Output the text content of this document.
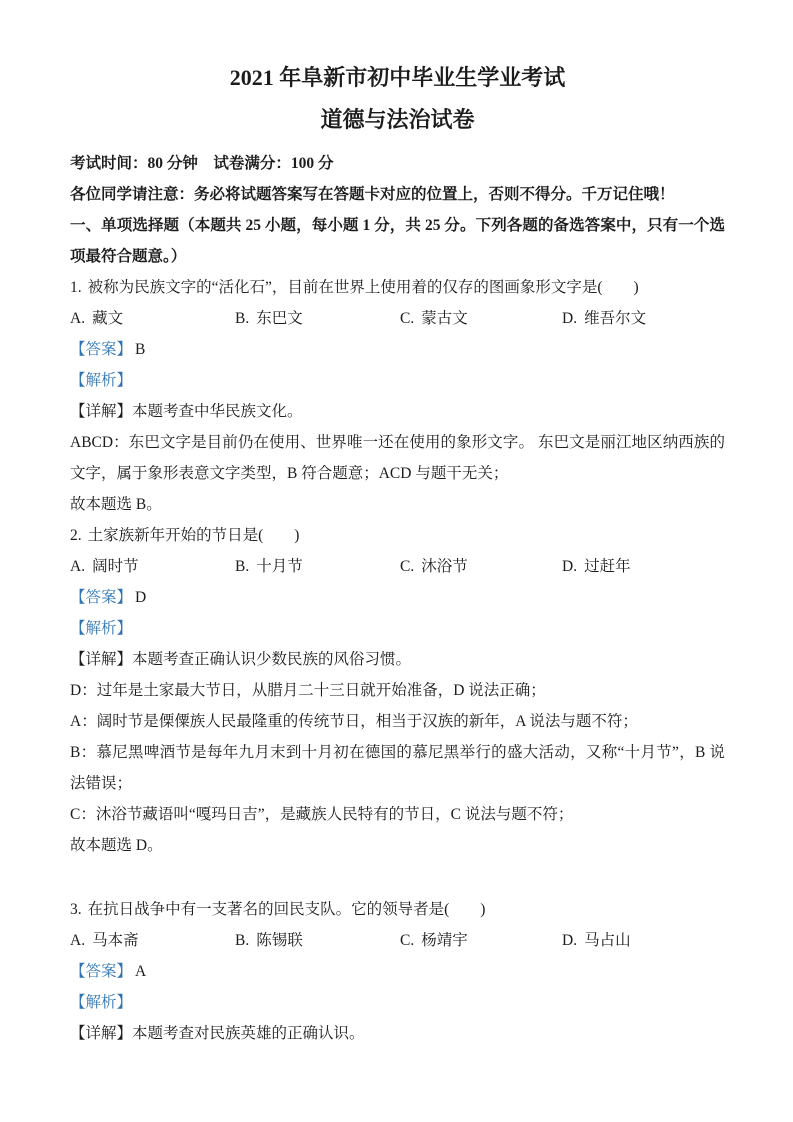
2021 年阜新市初中毕业生学业考试
道德与法治试卷

考试时间：80 分钟　试卷满分：100 分

各位同学请注意：务必将试题答案写在答题卡对应的位置上，否则不得分。千万记住哦！

一、单项选择题（本题共 25 小题，每小题 1 分，共 25 分。下列各题的备选答案中，只有一个选项最符合题意。）

1. 被称为民族文字的“活化石”，目前在世界上使用着的仅存的图画象形文字是(　　)

A. 藏文	B. 东巴文	C. 蒙古文	D. 维吾尔文

【答案】 B

【解析】

【详解】本题考查中华民族文化。

ABCD：东巴文字是目前仍在使用、世界唯一还在使用的象形文字。 东巴文是丽江地区纳西族的文字，属于象形表意文字类型，B 符合题意；ACD 与题干无关；

故本题选 B。

2. 土家族新年开始的节日是(　　)

A. 阔时节	B. 十月节	C. 沐浴节	D. 过赶年

【答案】 D

【解析】

【详解】本题考查正确认识少数民族的风俗习惯。

D：过年是土家最大节日，从腊月二十三日就开始准备，D 说法正确；

A：阔时节是傈僳族人民最隆重的传统节日，相当于汉族的新年，A 说法与题不符；

B：慕尼黑啤酒节是每年九月末到十月初在德国的慕尼黑举行的盛大活动，又称“十月节”，B 说法错误；

C：沐浴节藏语叫“嘎玛日吉”，是藏族人民特有的节日，C 说法与题不符；

故本题选 D。

3. 在抗日战争中有一支著名的回民支队。它的领导者是(　　)

A. 马本斋	B. 陈锡联	C. 杨靖宇	D. 马占山

【答案】 A

【解析】

【详解】本题考查对民族英雄的正确认识。
